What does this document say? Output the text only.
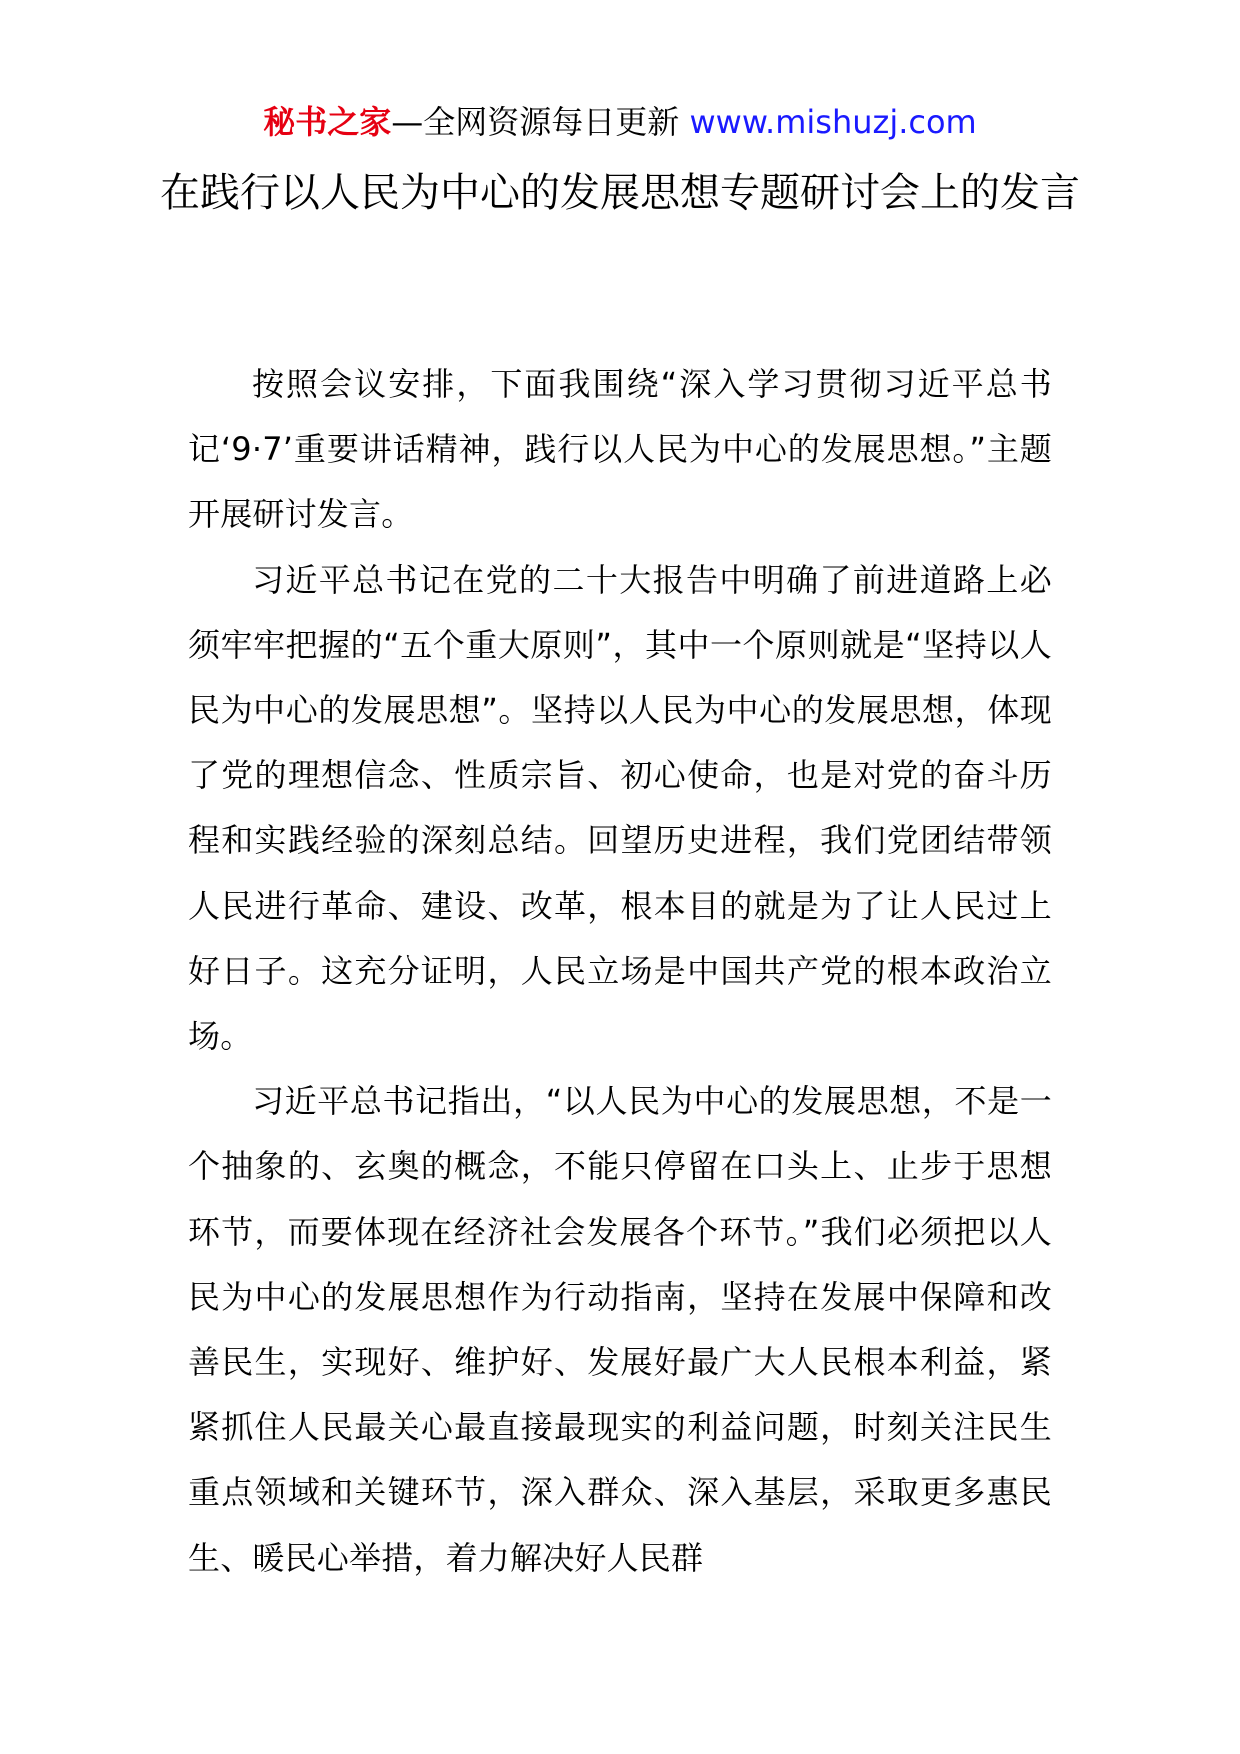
秘书之家—全网资源每日更新 www.mishuzj.com
在践行以人民为中心的发展思想专题研讨会上的发言

按照会议安排，下面我围绕“深入学习贯彻习近平总书记‘9·7’重要讲话精神，践行以人民为中心的发展思想。”主题开展研讨发言。

习近平总书记在党的二十大报告中明确了前进道路上必须牢牢把握的“五个重大原则”，其中一个原则就是“坚持以人民为中心的发展思想”。坚持以人民为中心的发展思想，体现了党的理想信念、性质宗旨、初心使命，也是对党的奋斗历程和实践经验的深刻总结。回望历史进程，我们党团结带领人民进行革命、建设、改革，根本目的就是为了让人民过上好日子。这充分证明，人民立场是中国共产党的根本政治立场。

习近平总书记指出，“以人民为中心的发展思想，不是一个抽象的、玄奥的概念，不能只停留在口头上、止步于思想环节，而要体现在经济社会发展各个环节。”我们必须把以人民为中心的发展思想作为行动指南，坚持在发展中保障和改善民生，实现好、维护好、发展好最广大人民根本利益，紧紧抓住人民最关心最直接最现实的利益问题，时刻关注民生重点领域和关键环节，深入群众、深入基层，采取更多惠民生、暖民心举措，着力解决好人民群
